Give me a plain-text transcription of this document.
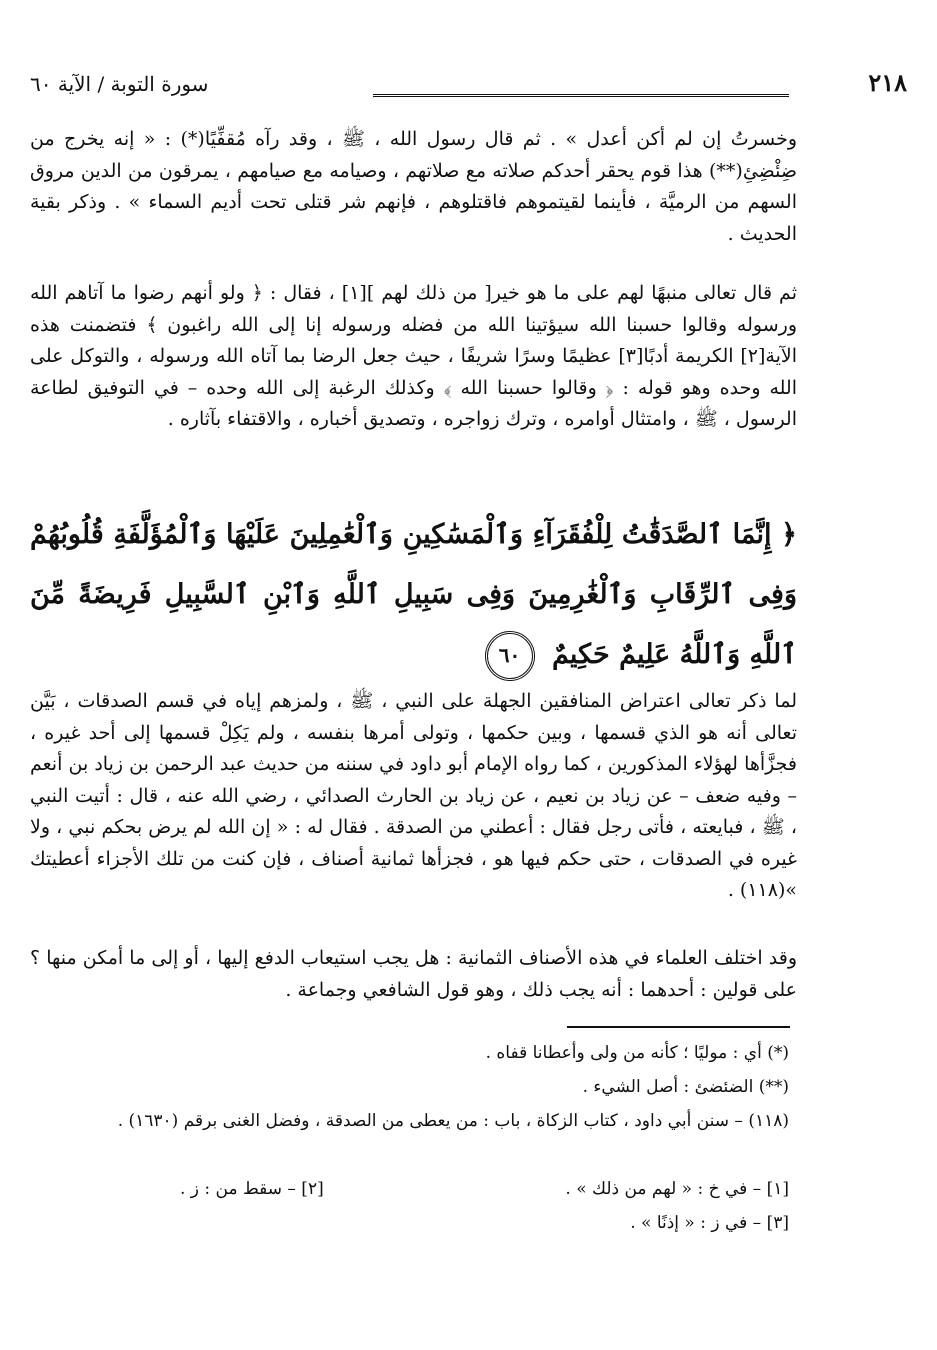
٢١٨
سورة التوبة / الآية ٦٠
وخسرتُ إن لم أكن أعدل » . ثم قال رسول الله ، ﷺ ، وقد رآه مُقفِّيًا(*) : « إنه يخرج من ضِئْضِئِ(**) هذا قوم يحقر أحدكم صلاته مع صلاتهم ، وصيامه مع صيامهم ، يمرقون من الدين مروق السهم من الرميَّة ، فأينما لقيتموهم فاقتلوهم ، فإنهم شر قتلى تحت أديم السماء » . وذكر بقية الحديث .
ثم قال تعالى منبهًا لهم على ما هو خير[ من ذلك لهم ][١] ، فقال : ﴿ ولو أنهم رضوا ما آتاهم الله ورسوله وقالوا حسبنا الله سيؤتينا الله من فضله ورسوله إنا إلى الله راغبون ﴾ فتضمنت هذه الآية[٢] الكريمة أدبًا[٣] عظيمًا وسرًا شريفًا ، حيث جعل الرضا بما آتاه الله ورسوله ، والتوكل على الله وحده وهو قوله : ﴿ وقالوا حسبنا الله ﴾ وكذلك الرغبة إلى الله وحده – في التوفيق لطاعة الرسول ، ﷺ ، وامتثال أوامره ، وترك زواجره ، وتصديق أخباره ، والاقتفاء بآثاره .
﴿ إِنَّمَا ٱلصَّدَقَٰتُ لِلْفُقَرَآءِ وَٱلْمَسَٰكِينِ وَٱلْعَٰمِلِينَ عَلَيْهَا وَٱلْمُؤَلَّفَةِ قُلُوبُهُمْ وَفِى ٱلرِّقَابِ وَٱلْغَٰرِمِينَ وَفِى سَبِيلِ ٱللَّهِ وَٱبْنِ ٱلسَّبِيلِ فَرِيضَةً مِّنَ ٱللَّهِ وَٱللَّهُ عَلِيمٌ حَكِيمٌ ٦٠
لما ذكر تعالى اعتراض المنافقين الجهلة على النبي ، ﷺ ، ولمزهم إياه في قسم الصدقات ، بَيَّن تعالى أنه هو الذي قسمها ، وبين حكمها ، وتولى أمرها بنفسه ، ولم يَكِلْ قسمها إلى أحد غيره ، فجزَّأها لهؤلاء المذكورين ، كما رواه الإمام أبو داود في سننه من حديث عبد الرحمن بن زياد بن أنعم – وفيه ضعف – عن زياد بن نعيم ، عن زياد بن الحارث الصدائي ، رضي الله عنه ، قال : أتيت النبي ، ﷺ ، فبايعته ، فأتى رجل فقال : أعطني من الصدقة . فقال له : « إن الله لم يرض بحكم نبي ، ولا غيره في الصدقات ، حتى حكم فيها هو ، فجزأها ثمانية أصناف ، فإن كنت من تلك الأجزاء أعطيتك »(١١٨) .
وقد اختلف العلماء في هذه الأصناف الثمانية : هل يجب استيعاب الدفع إليها ، أو إلى ما أمكن منها ؟ على قولين : أحدهما : أنه يجب ذلك ، وهو قول الشافعي وجماعة .
(*) أي : موليًا ؛ كأنه من ولى وأعطانا قفاه .
(**) الضئضئ : أصل الشيء .
(١١٨) – سنن أبي داود ، كتاب الزكاة ، باب : من يعطى من الصدقة ، وفضل الغنى برقم (١٦٣٠) .
[١] – في خ : « لهم من ذلك » .
[٢] – سقط من : ز .
[٣] – في ز : « إذنًا » .
